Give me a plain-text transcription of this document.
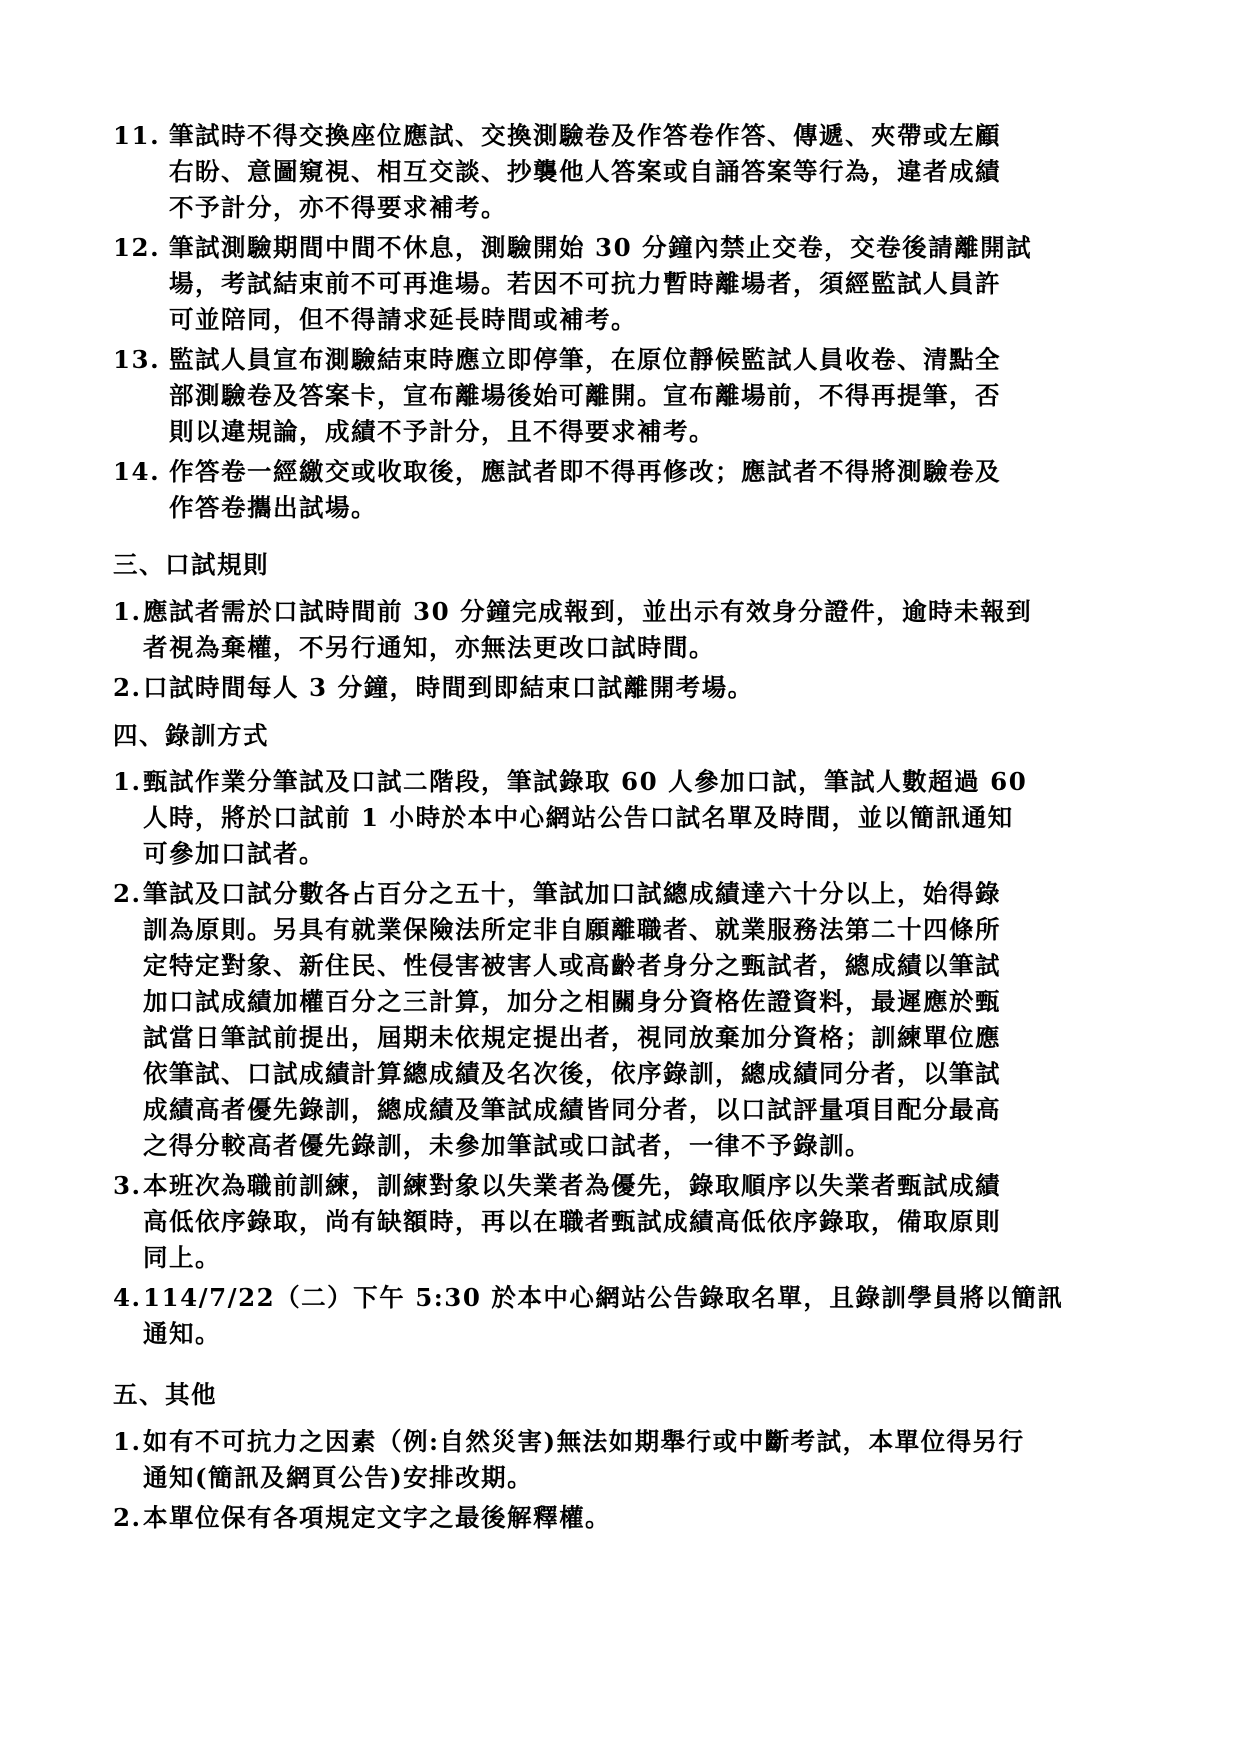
11. 筆試時不得交換座位應試、交換測驗卷及作答卷作答、傳遞、夾帶或左顧
右盼、意圖窺視、相互交談、抄襲他人答案或自誦答案等行為，違者成績
不予計分，亦不得要求補考。
12. 筆試測驗期間中間不休息，測驗開始 30 分鐘內禁止交卷，交卷後請離開試
場，考試結束前不可再進場。若因不可抗力暫時離場者，須經監試人員許
可並陪同，但不得請求延長時間或補考。
13. 監試人員宣布測驗結束時應立即停筆，在原位靜候監試人員收卷、清點全
部測驗卷及答案卡，宣布離場後始可離開。宣布離場前，不得再提筆，否
則以違規論，成績不予計分，且不得要求補考。
14. 作答卷一經繳交或收取後，應試者即不得再修改；應試者不得將測驗卷及
作答卷攜出試場。
三、口試規則
1. 應試者需於口試時間前 30 分鐘完成報到，並出示有效身分證件，逾時未報到
者視為棄權，不另行通知，亦無法更改口試時間。
2. 口試時間每人 3 分鐘，時間到即結束口試離開考場。
四、錄訓方式
1. 甄試作業分筆試及口試二階段，筆試錄取 60 人參加口試，筆試人數超過 60
人時，將於口試前 1 小時於本中心網站公告口試名單及時間，並以簡訊通知
可參加口試者。
2. 筆試及口試分數各占百分之五十，筆試加口試總成績達六十分以上，始得錄
訓為原則。另具有就業保險法所定非自願離職者、就業服務法第二十四條所
定特定對象、新住民、性侵害被害人或高齡者身分之甄試者，總成績以筆試
加口試成績加權百分之三計算，加分之相關身分資格佐證資料，最遲應於甄
試當日筆試前提出，屆期未依規定提出者，視同放棄加分資格；訓練單位應
依筆試、口試成績計算總成績及名次後，依序錄訓，總成績同分者，以筆試
成績高者優先錄訓，總成績及筆試成績皆同分者，以口試評量項目配分最高
之得分較高者優先錄訓，未參加筆試或口試者，一律不予錄訓。
3. 本班次為職前訓練，訓練對象以失業者為優先，錄取順序以失業者甄試成績
高低依序錄取，尚有缺額時，再以在職者甄試成績高低依序錄取，備取原則
同上。
4. 114/7/22（二）下午 5:30 於本中心網站公告錄取名單，且錄訓學員將以簡訊
通知。
五、其他
1. 如有不可抗力之因素（例:自然災害)無法如期舉行或中斷考試，本單位得另行
通知(簡訊及網頁公告)安排改期。
2. 本單位保有各項規定文字之最後解釋權。
